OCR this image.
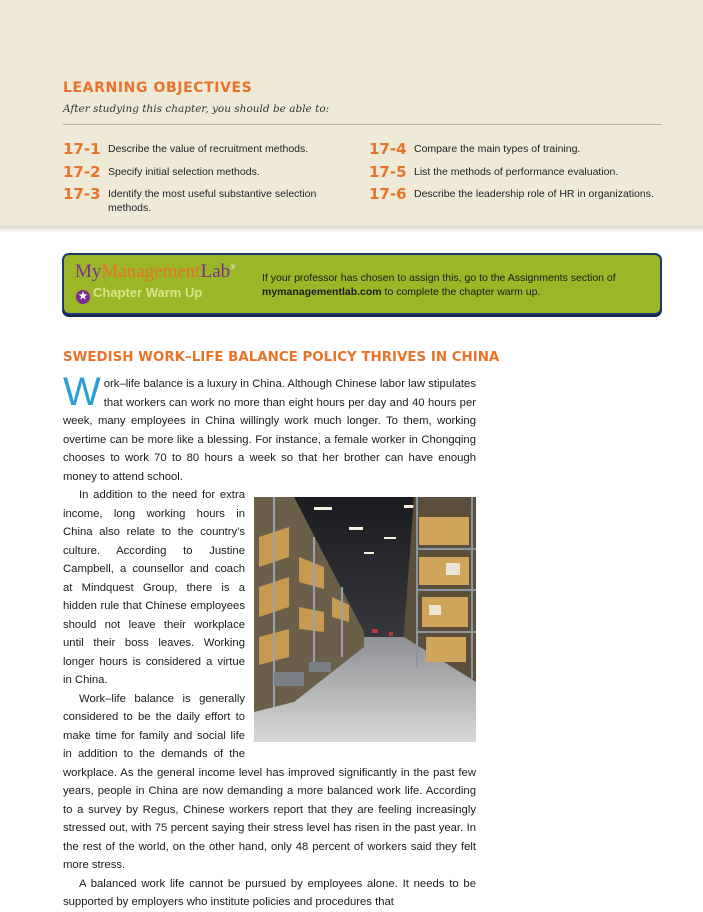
LEARNING OBJECTIVES

After studying this chapter, you should be able to:

17-1 Describe the value of recruitment methods.
17-2 Specify initial selection methods.
17-3 Identify the most useful substantive selection methods.
17-4 Compare the main types of training.
17-5 List the methods of performance evaluation.
17-6 Describe the leadership role of HR in organizations.
MyManagementLab®
★ Chapter Warm Up
If your professor has chosen to assign this, go to the Assignments section of
mymanagementlab.com to complete the chapter warm up.
SWEDISH WORK–LIFE BALANCE POLICY THRIVES IN CHINA

W ork–life balance is a luxury in China. Although Chinese labor law stipulates that workers can work no more than eight hours per day and 40 hours per week, many employees in China willingly work much longer. To them, working overtime can be more like a blessing. For instance, a female worker in Chongqing chooses to work 70 to 80 hours a week so that her brother can have enough money to attend school.

In addition to the need for extra income, long working hours in China also relate to the country's culture. According to Justine Campbell, a counsellor and coach at Mindquest Group, there is a hidden rule that Chinese employees should not leave their workplace until their boss leaves. Working longer hours is considered a virtue in China.

Work–life balance is generally considered to be the daily effort to make time for family and social life in addition to the demands of the workplace. As the general income level has improved significantly in the past few years, people in China are now demanding a more balanced work life. According to a survey by Regus, Chinese workers report that they are feeling increasingly stressed out, with 75 percent saying their stress level has risen in the past year. In the rest of the world, on the other hand, only 48 percent of workers said they felt more stress.

A balanced work life cannot be pursued by employees alone. It needs to be supported by employers who institute policies and procedures that
